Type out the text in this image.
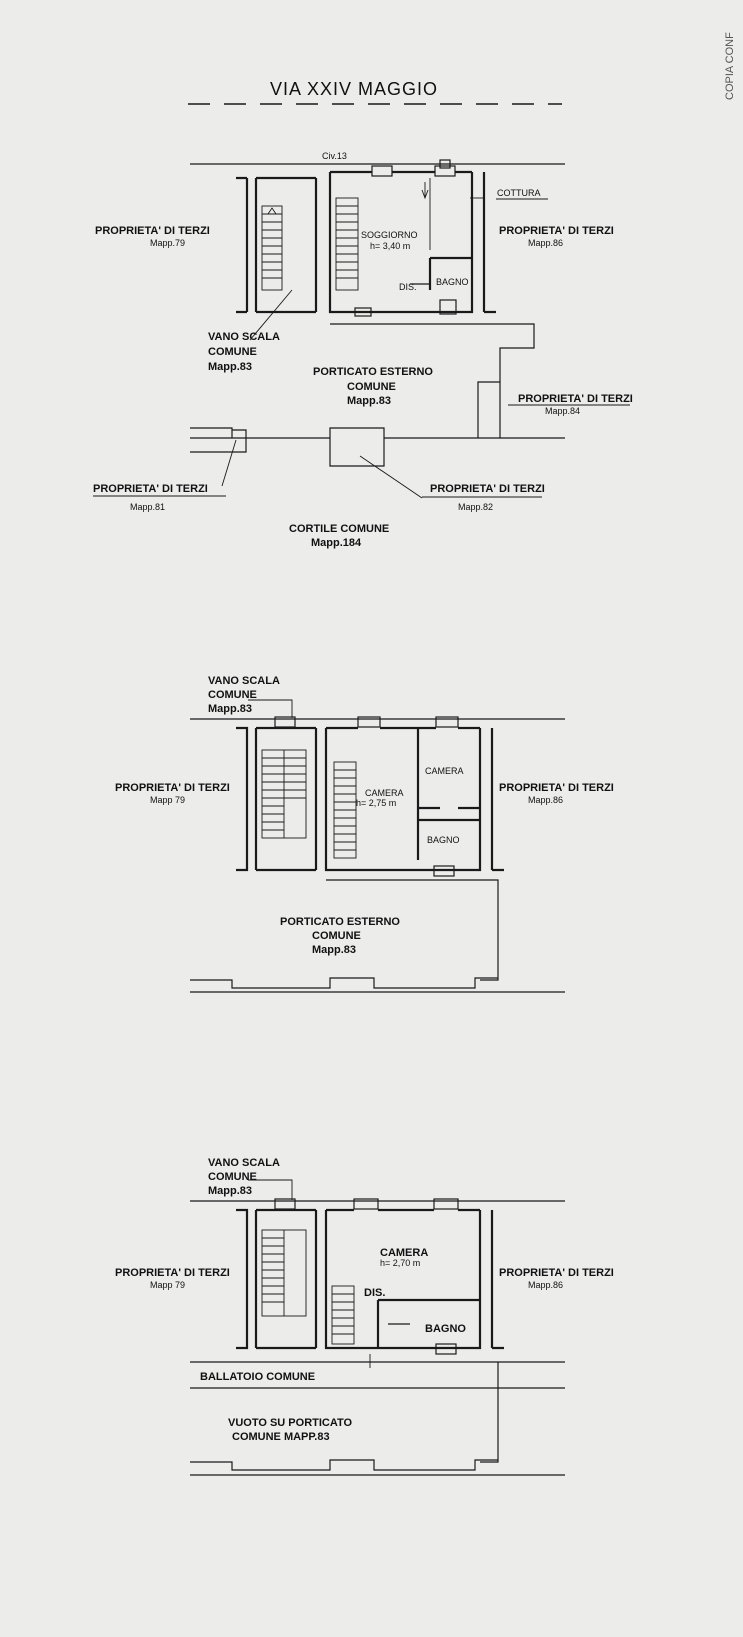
COPIA CONF
VIA XXIV MAGGIO
Civ.13
PROPRIETA' DI TERZI
Mapp.79
PROPRIETA' DI TERZI
Mapp.86
COTTURA
SOGGIORNO
h= 3,40 m
DIS. BAGNO
VANO SCALA
COMUNE
Mapp.83	PORTICATO ESTERNO
COMUNE
Mapp.83	PROPRIETA' DI TERZI
Mapp.84
PROPRIETA' DI TERZI
Mapp.81
PROPRIETA' DI TERZI
Mapp.82
CORTILE COMUNE
Mapp.184
VANO SCALA
COMUNE
Mapp.83
PROPRIETA' DI TERZI
Mapp 79
PROPRIETA' DI TERZI
Mapp.86
CAMERA
h= 2,75 m
CAMERA
BAGNO
PORTICATO ESTERNO
COMUNE
Mapp.83
VANO SCALA
COMUNE
Mapp.83
PROPRIETA' DI TERZI
Mapp 79
PROPRIETA' DI TERZI
Mapp.86
CAMERA
h= 2,70 m
DIS.
BAGNO
BALLATOIO COMUNE
VUOTO SU PORTICATO
COMUNE MAPP.83
